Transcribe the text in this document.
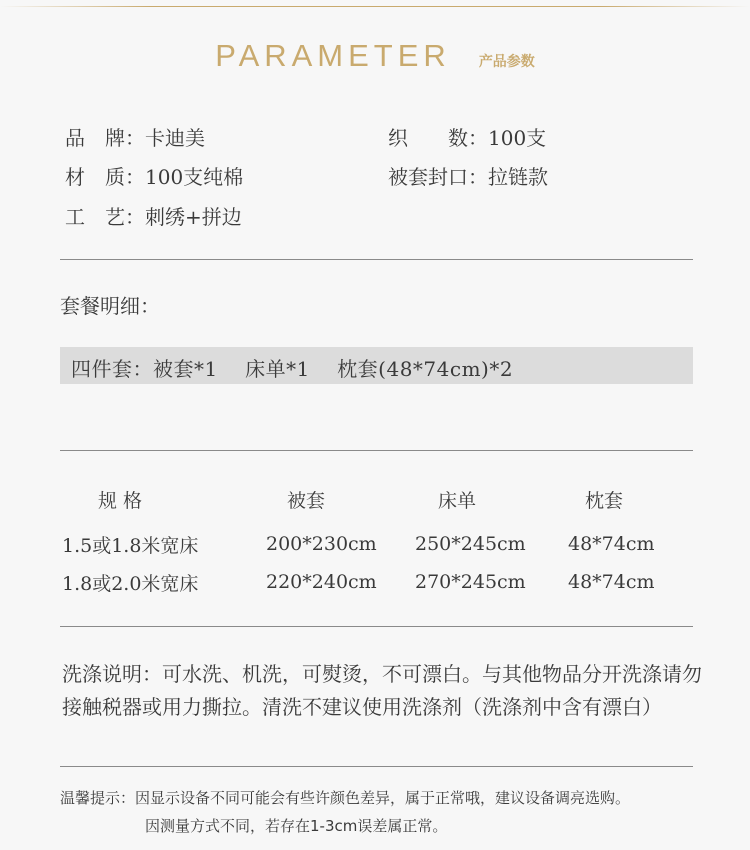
PARAMETER 产品参数
品　牌：卡迪美
材　质：100支纯棉
工　艺：刺绣+拼边
织　　数：100支
被套封口：拉链款
套餐明细：
四件套：被套*1　 床单*1　 枕套(48*74cm)*2
规 格	被套	床单	枕套
1.5或1.8米宽床	200*230cm 250*245cm 48*74cm
1.8或2.0米宽床	220*240cm 270*245cm 48*74cm
洗涤说明：可水洗、机洗，可熨烫，不可漂白。与其他物品分开洗涤请勿接触税器或用力撕拉。清洗不建议使用洗涤剂（洗涤剂中含有漂白）
温馨提示：因显示设备不同可能会有些许颜色差异，属于正常哦，建议设备调亮选购。
因测量方式不同，若存在1-3cm误差属正常。
